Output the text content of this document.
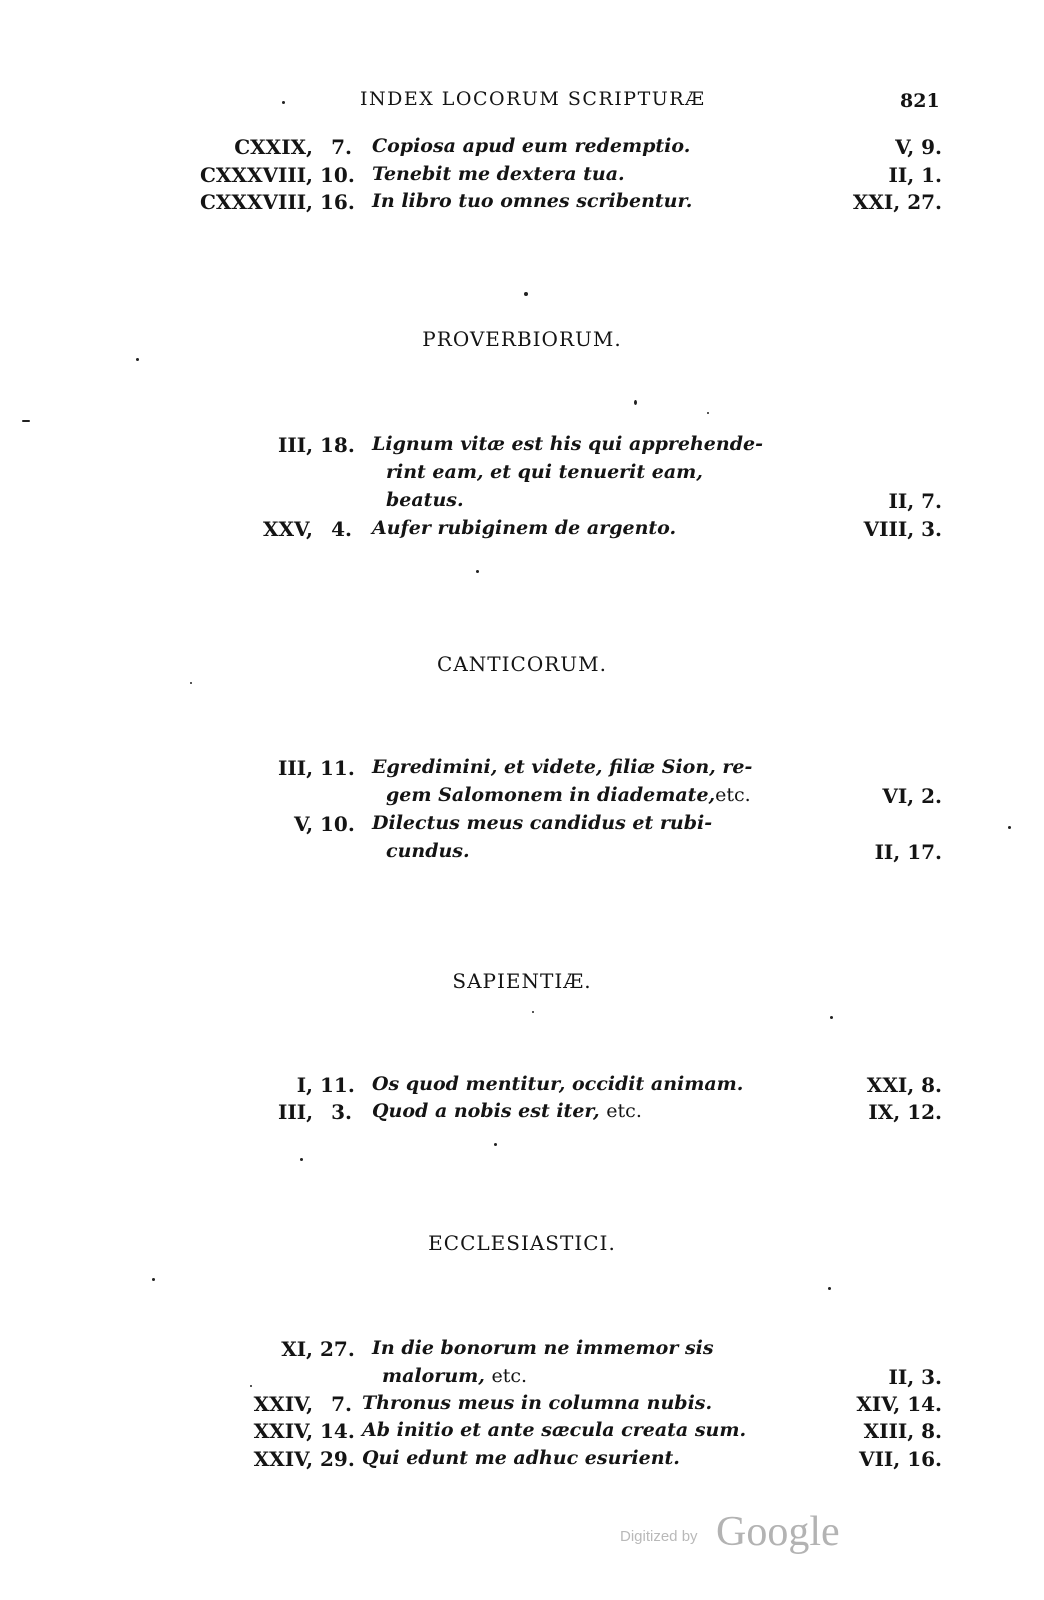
INDEX LOCORUM SCRIPTURÆ	821
CXXIX, 7. Copiosa apud eum redemptio.	V, 9.
CXXXVIII, 10. Tenebit me dextera tua.	II, 1.
CXXXVIII, 16. In libro tuo omnes scribentur.	XXI, 27.
PROVERBIORUM.
III, 18. Lignum vitæ est his qui apprehende-
rint eam, et qui tenuerit eam,
beatus.	II, 7.
XXV, 4. Aufer rubiginem de argento.	VIII, 3.
CANTICORUM.
III, 11. Egredimini, et videte, filiæ Sion, re-
gem Salomonem in diademate,etc.	VI, 2.
V, 10. Dilectus meus candidus et rubi-
cundus.	II, 17.
SAPIENTIÆ.
I, 11. Os quod mentitur, occidit animam.	XXI, 8.
III, 3. Quod a nobis est iter, etc.	IX, 12.
ECCLESIASTICI.
XI, 27. In die bonorum ne immemor sis
malorum, etc.	II, 3.
XXIV, 7. Thronus meus in columna nubis.	XIV, 14.
XXIV, 14. Ab initio et ante sæcula creata sum.	XIII, 8.
XXIV, 29. Qui edunt me adhuc esurient.	VII, 16.
Digitized by Google
